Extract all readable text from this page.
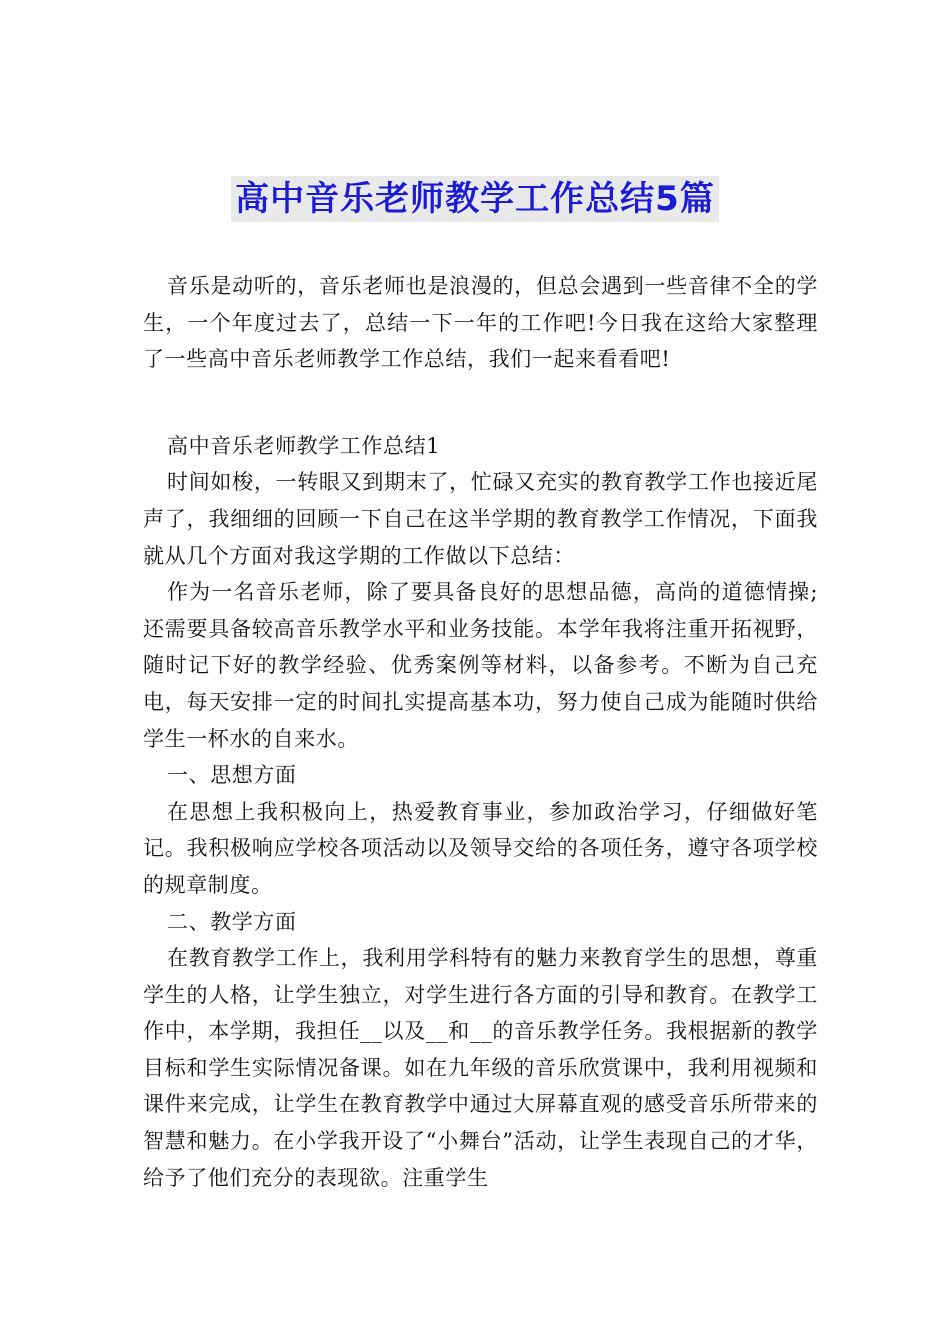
高中音乐老师教学工作总结5篇

音乐是动听的，音乐老师也是浪漫的，但总会遇到一些音律不全的学生，一个年度过去了，总结一下一年的工作吧!今日我在这给大家整理了一些高中音乐老师教学工作总结，我们一起来看看吧!

高中音乐老师教学工作总结1

时间如梭，一转眼又到期末了，忙碌又充实的教育教学工作也接近尾声了，我细细的回顾一下自己在这半学期的教育教学工作情况，下面我就从几个方面对我这学期的工作做以下总结：

作为一名音乐老师，除了要具备良好的思想品德，高尚的道德情操;还需要具备较高音乐教学水平和业务技能。本学年我将注重开拓视野，随时记下好的教学经验、优秀案例等材料，以备参考。不断为自己充电，每天安排一定的时间扎实提高基本功，努力使自己成为能随时供给学生一杯水的自来水。

一、思想方面

在思想上我积极向上，热爱教育事业，参加政治学习，仔细做好笔记。我积极响应学校各项活动以及领导交给的各项任务，遵守各项学校的规章制度。

二、教学方面

在教育教学工作上，我利用学科特有的魅力来教育学生的思想，尊重学生的人格，让学生独立，对学生进行各方面的引导和教育。在教学工作中，本学期，我担任__以及__和__的音乐教学任务。我根据新的教学目标和学生实际情况备课。如在九年级的音乐欣赏课中，我利用视频和课件来完成，让学生在教育教学中通过大屏幕直观的感受音乐所带来的智慧和魅力。在小学我开设了“小舞台”活动，让学生表现自己的才华，给予了他们充分的表现欲。注重学生
